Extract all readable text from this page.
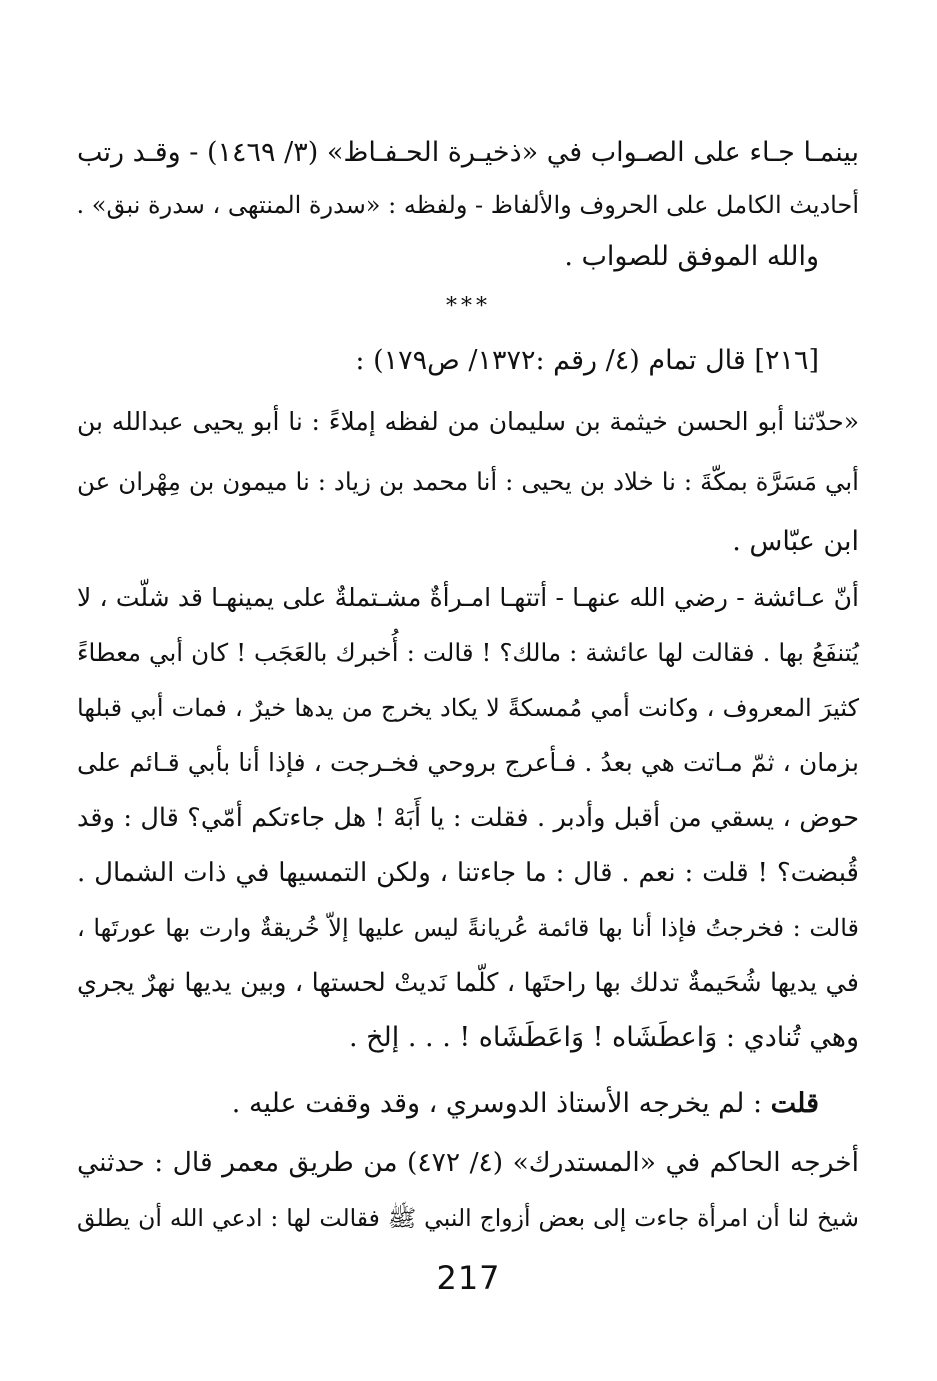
بينمـا جـاء على الصـواب في «ذخيـرة الحـفـاظ» (٣/ ١٤٦٩) - وقـد رتب
أحاديث الكامل على الحروف والألفاظ - ولفظه : «سدرة المنتهى ، سدرة نبق» .
والله الموفق للصواب .
***
[٢١٦] قال تمام (٤/ رقم :١٣٧٢/ ص١٧٩) :
«حدّثنا أبو الحسن خيثمة بن سليمان من لفظه إملاءً : نا أبو يحيى عبدالله بن
أبي مَسَرَّة بمكّةَ : نا خلاد بن يحيى : أنا محمد بن زياد : نا ميمون بن مِهْران عن
ابن عبّاس .
أنّ عـائشة - رضي الله عنهـا - أتتهـا امـرأةٌ مشـتملةٌ على يمينهـا قد شلّت ، لا
يُتنفَعُ بها . فقالت لها عائشة : مالك؟ ! قالت : أُخبرك بالعَجَب ! كان أبي معطاءً
كثيرَ المعروف ، وكانت أمي مُمسكةً لا يكاد يخرج من يدها خيرٌ ، فمات أبي قبلها
بزمان ، ثمّ مـاتت هي بعدُ . فـأعرج بروحي فخـرجت ، فإذا أنا بأبي قـائم على
حوض ، يسقي من أقبل وأدبر . فقلت : يا أَبَهْ ! هل جاءتكم أمّي؟ قال : وقد
قُبضت؟ ! قلت : نعم . قال : ما جاءتنا ، ولكن التمسيها في ذات الشمال .
قالت : فخرجتُ فإذا أنا بها قائمة عُريانةً ليس عليها إلاّ خُريقةٌ وارت بها عورتَها ،
في يديها شُحَيمةٌ تدلك بها راحتَها ، كلّما نَديتْ لحستها ، وبين يديها نهرٌ يجري
وهي تُنادي : وَاعطَشَاه ! وَاعَطَشَاه ! . . . إلخ .
قلت : لم يخرجه الأستاذ الدوسري ، وقد وقفت عليه .
أخرجه الحاكم في «المستدرك» (٤/ ٤٧٢) من طريق معمر قال : حدثني
شيخ لنا أن امرأة جاءت إلى بعض أزواج النبي ﷺ فقالت لها : ادعي الله أن يطلق
217
